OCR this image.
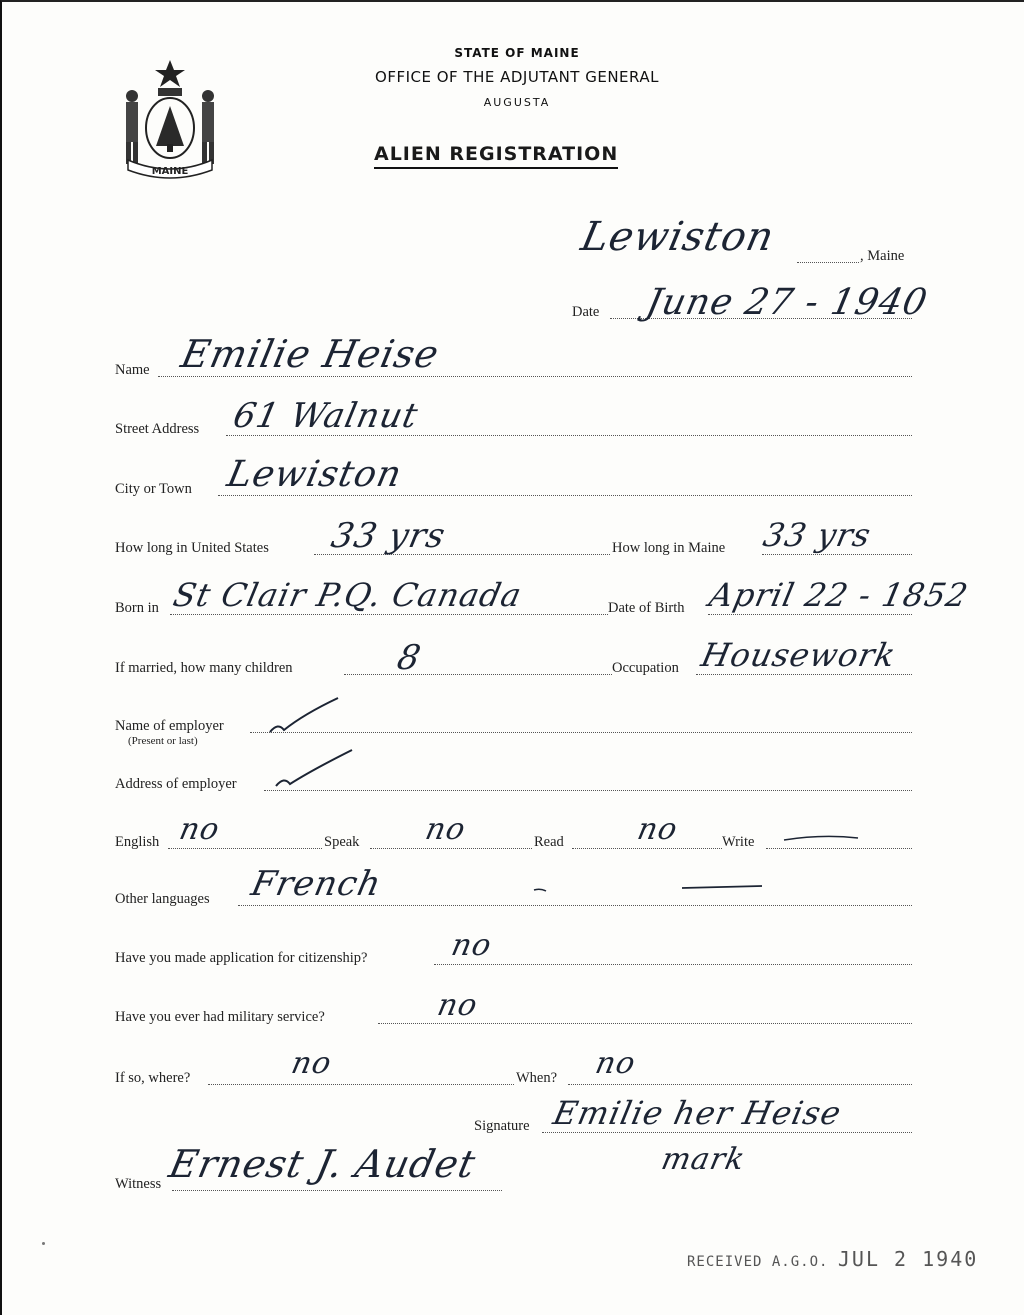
MAINE
STATE OF MAINE
OFFICE OF THE ADJUTANT GENERAL
AUGUSTA
ALIEN REGISTRATION
Lewiston	, Maine
Date June 27 - 1940
Name Emilie Heise
Street Address 61 Walnut
City or Town Lewiston
How long in United States 33 yrs	How long in Maine 33 yrs
Born in St Clair P.Q. Canada	Date of Birth April 22 - 1852
If married, how many children	8	Occupation Housework
Name of employer
(Present or last)
Address of employer
English no	Speak no	Read no	Write
Other languages French
Have you made application for citizenship?	no
Have you ever had military service?	no
If so, where?	no	When? no
Signature Emilie her Heise
mark
Witness Ernest J. Audet
RECEIVED A.G.O. JUL 2 1940
